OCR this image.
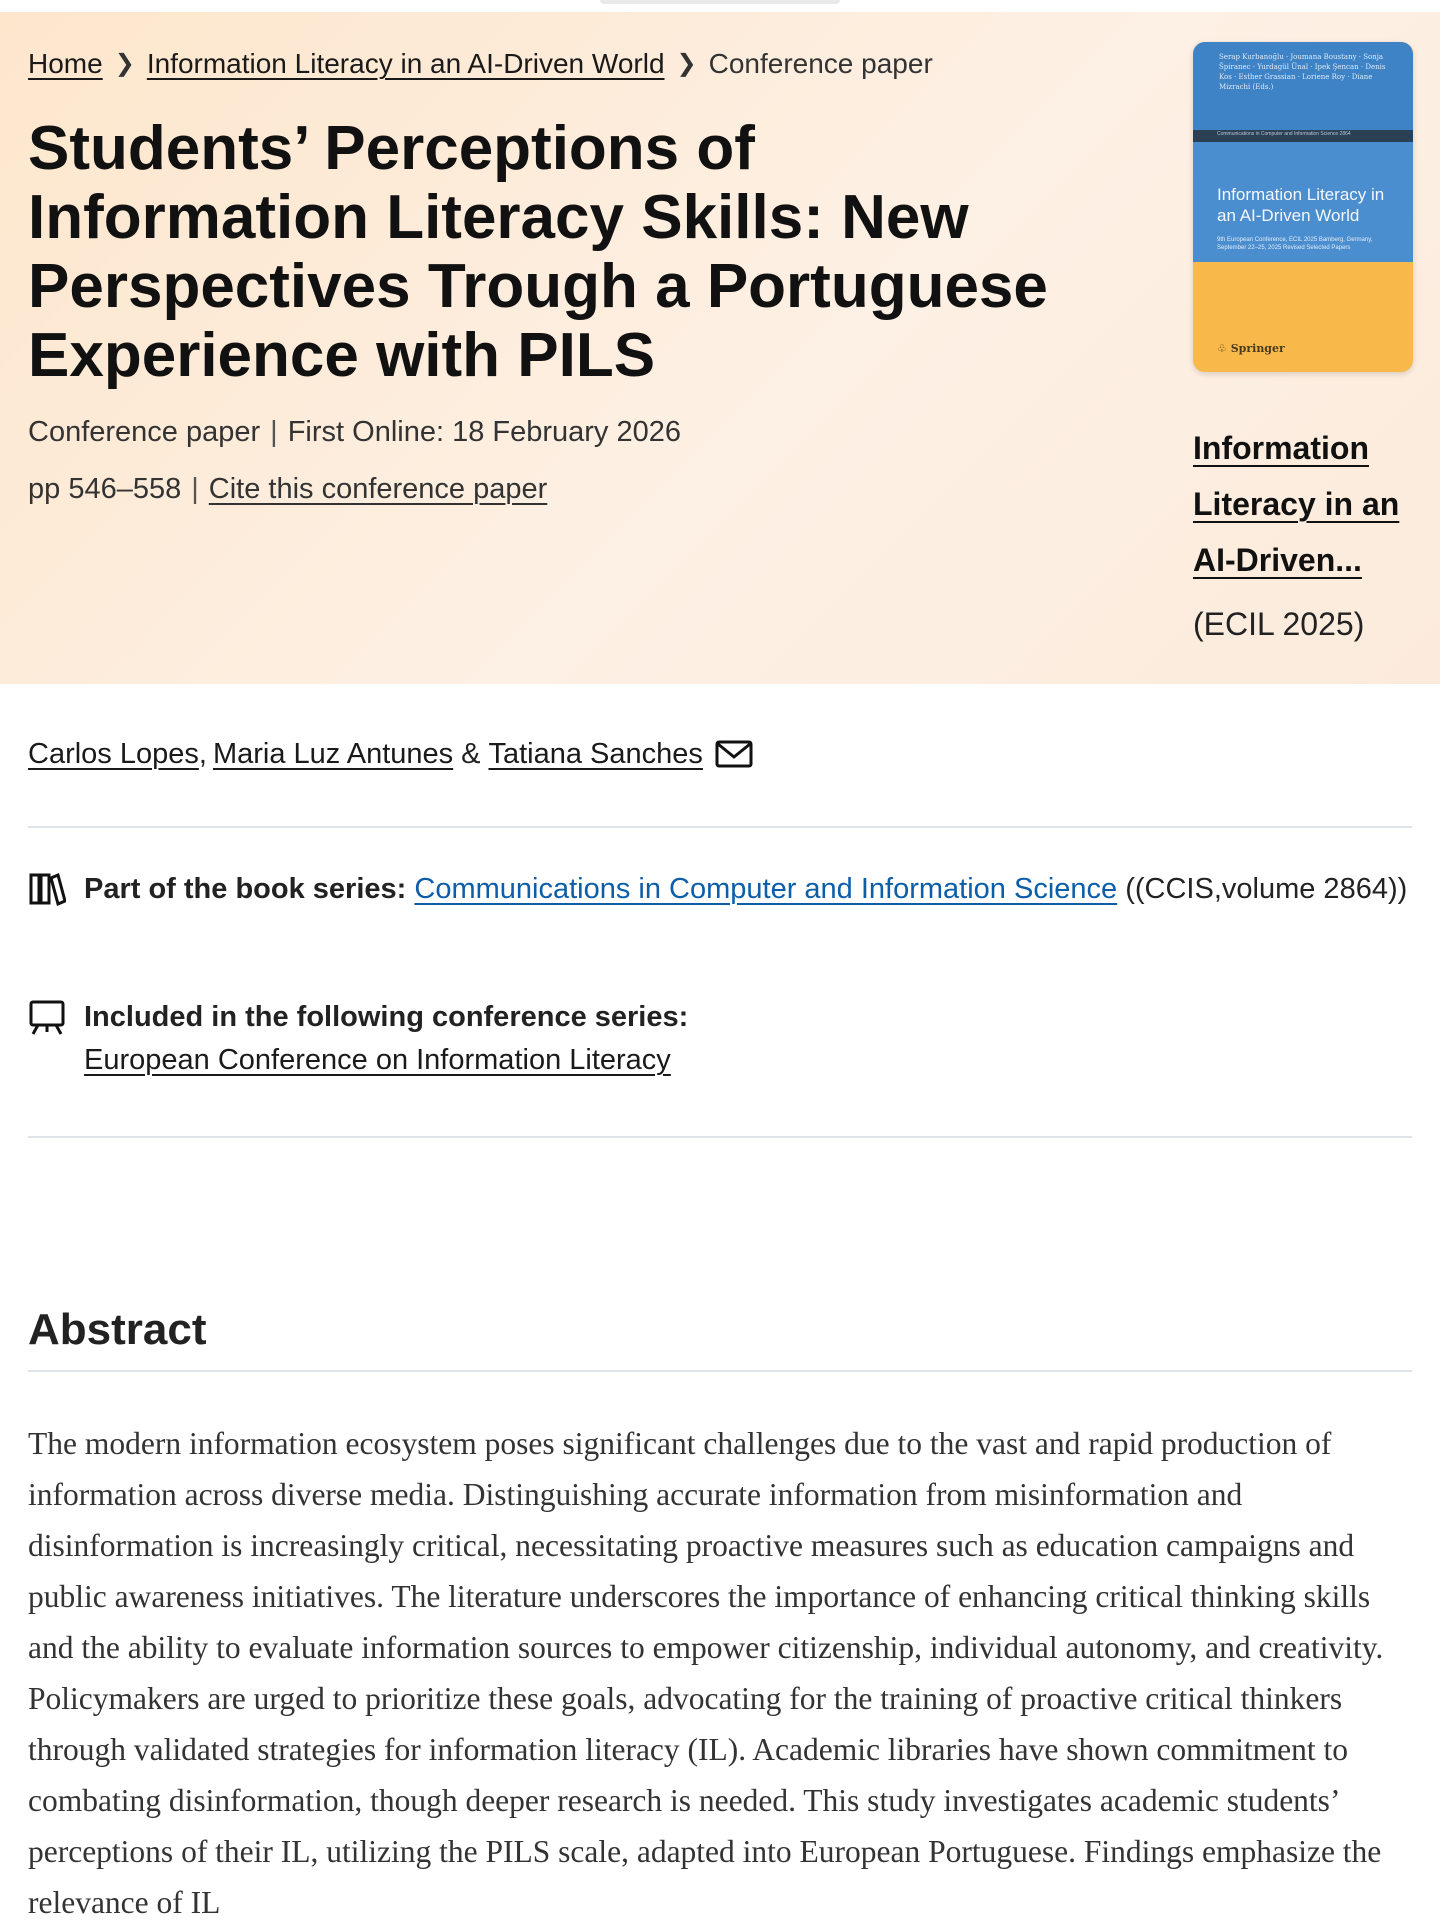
Home ❯ Information Literacy in an AI-Driven World ❯ Conference paper
Students’ Perceptions of Information Literacy Skills: New Perspectives Trough a Portuguese Experience with PILS
Conference paper | First Online: 18 February 2026
pp 546–558 | Cite this conference paper
Serap Kurbanoğlu · Joumana Boustany · Sonja Špiranec · Yurdagül Ünal · Ipek Şencan · Denis Kos · Esther Grassian · Loriene Roy · Diane Mizrachi (Eds.)
Communications in Computer and Information Science 2864
Information Literacy in an AI-Driven World
9th European Conference, ECIL 2025 Bamberg, Germany, September 22–25, 2025 Revised Selected Papers
♧ Springer
Information Literacy in an AI-Driven...
(ECIL 2025)
Carlos Lopes , Maria Luz Antunes & Tatiana Sanches
Part of the book series: Communications in Computer and Information Science ((CCIS,volume 2864))
Included in the following conference series:
European Conference on Information Literacy
Abstract

The modern information ecosystem poses significant challenges due to the vast and rapid production of information across diverse media. Distinguishing accurate information from misinformation and disinformation is increasingly critical, necessitating proactive measures such as education campaigns and public awareness initiatives. The literature underscores the importance of enhancing critical thinking skills and the ability to evaluate information sources to empower citizenship, individual autonomy, and creativity. Policymakers are urged to prioritize these goals, advocating for the training of proactive critical thinkers through validated strategies for information literacy (IL). Academic libraries have shown commitment to combating disinformation, though deeper research is needed. This study investigates academic students’ perceptions of their IL, utilizing the PILS scale, adapted into European Portuguese. Findings emphasize the relevance of IL
